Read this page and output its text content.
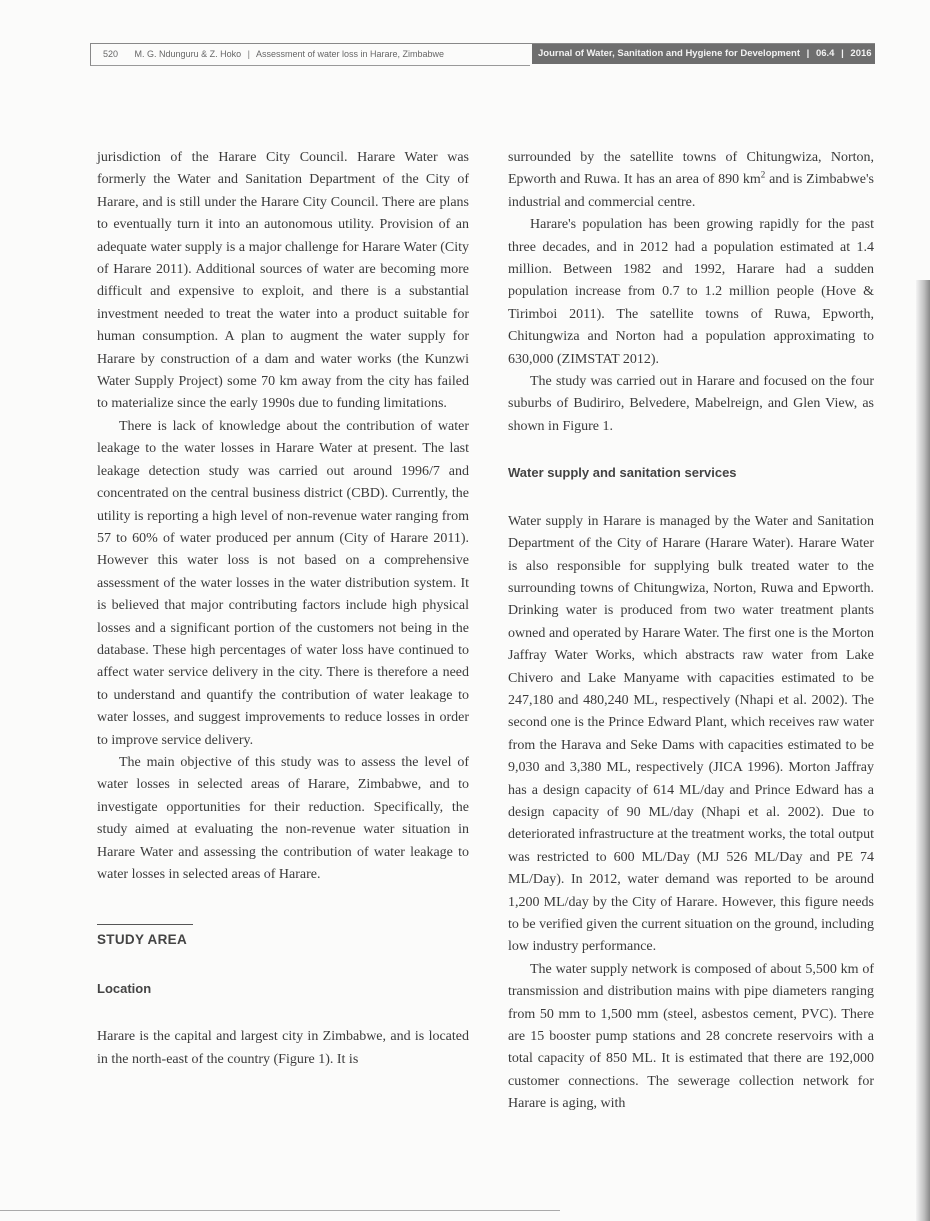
520 M. G. Ndunguru & Z. Hoko | Assessment of water loss in Harare, Zimbabwe	Journal of Water, Sanitation and Hygiene for Development | 06.4 | 2016

jurisdiction of the Harare City Council. Harare Water was formerly the Water and Sanitation Department of the City of Harare, and is still under the Harare City Council. There are plans to eventually turn it into an autonomous utility. Provision of an adequate water supply is a major challenge for Harare Water (City of Harare 2011). Additional sources of water are becoming more difficult and expensive to exploit, and there is a substantial investment needed to treat the water into a product suitable for human consumption. A plan to augment the water supply for Harare by construction of a dam and water works (the Kunzwi Water Supply Project) some 70 km away from the city has failed to materialize since the early 1990s due to funding limitations.

There is lack of knowledge about the contribution of water leakage to the water losses in Harare Water at present. The last leakage detection study was carried out around 1996/7 and concentrated on the central business district (CBD). Currently, the utility is reporting a high level of non-revenue water ranging from 57 to 60% of water produced per annum (City of Harare 2011). However this water loss is not based on a comprehensive assessment of the water losses in the water distribution system. It is believed that major contributing factors include high physical losses and a significant portion of the customers not being in the database. These high percentages of water loss have continued to affect water service delivery in the city. There is therefore a need to understand and quantify the contribution of water leakage to water losses, and suggest improvements to reduce losses in order to improve service delivery.

The main objective of this study was to assess the level of water losses in selected areas of Harare, Zimbabwe, and to investigate opportunities for their reduction. Specifically, the study aimed at evaluating the non-revenue water situation in Harare Water and assessing the contribution of water leakage to water losses in selected areas of Harare.

STUDY AREA
Location

Harare is the capital and largest city in Zimbabwe, and is located in the north-east of the country (Figure 1). It is

surrounded by the satellite towns of Chitungwiza, Norton, Epworth and Ruwa. It has an area of 890 $km^2$ and is Zimbabwe's industrial and commercial centre.

Harare's population has been growing rapidly for the past three decades, and in 2012 had a population estimated at 1.4 million. Between 1982 and 1992, Harare had a sudden population increase from 0.7 to 1.2 million people (Hove & Tirimboi 2011). The satellite towns of Ruwa, Epworth, Chitungwiza and Norton had a population approximating to 630,000 (ZIMSTAT 2012).

The study was carried out in Harare and focused on the four suburbs of Budiriro, Belvedere, Mabelreign, and Glen View, as shown in Figure 1.

Water supply and sanitation services

Water supply in Harare is managed by the Water and Sanitation Department of the City of Harare (Harare Water). Harare Water is also responsible for supplying bulk treated water to the surrounding towns of Chitungwiza, Norton, Ruwa and Epworth. Drinking water is produced from two water treatment plants owned and operated by Harare Water. The first one is the Morton Jaffray Water Works, which abstracts raw water from Lake Chivero and Lake Manyame with capacities estimated to be 247,180 and 480,240 ML, respectively (Nhapi et al. 2002). The second one is the Prince Edward Plant, which receives raw water from the Harava and Seke Dams with capacities estimated to be 9,030 and 3,380 ML, respectively (JICA 1996). Morton Jaffray has a design capacity of 614 ML/day and Prince Edward has a design capacity of 90 ML/day (Nhapi et al. 2002). Due to deteriorated infrastructure at the treatment works, the total output was restricted to 600 ML/Day (MJ 526 ML/Day and PE 74 ML/Day). In 2012, water demand was reported to be around 1,200 ML/day by the City of Harare. However, this figure needs to be verified given the current situation on the ground, including low industry performance.

The water supply network is composed of about 5,500 km of transmission and distribution mains with pipe diameters ranging from 50 mm to 1,500 mm (steel, asbestos cement, PVC). There are 15 booster pump stations and 28 concrete reservoirs with a total capacity of 850 ML. It is estimated that there are 192,000 customer connections. The sewerage collection network for Harare is aging, with
